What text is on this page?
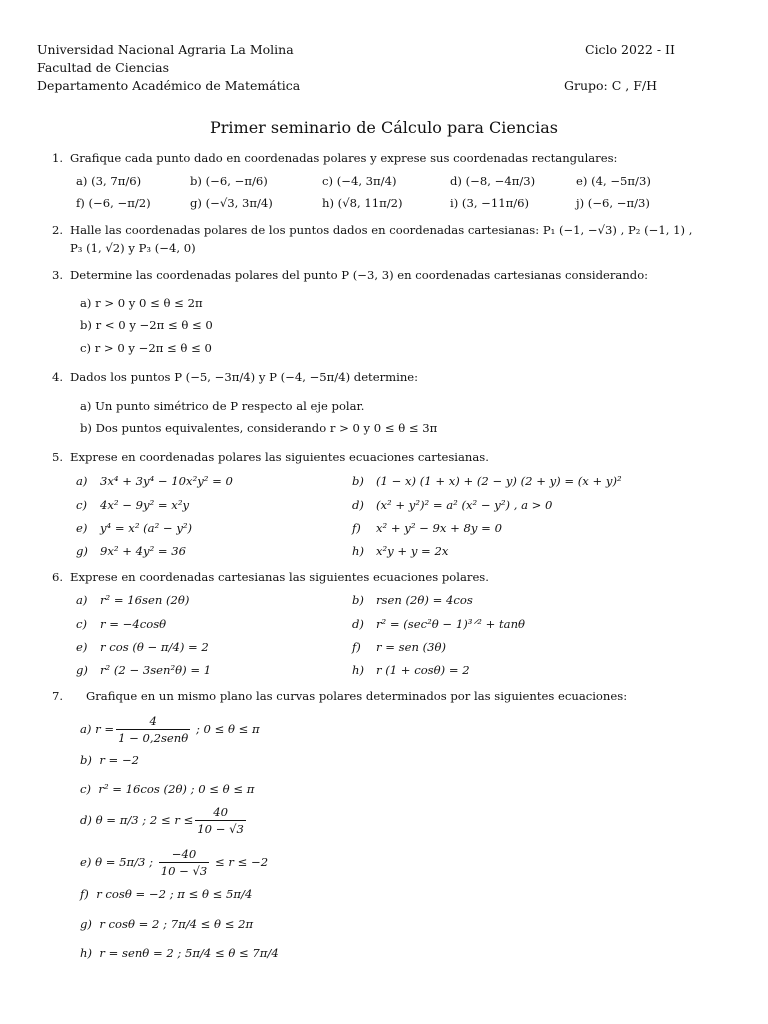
Universidad Nacional Agraria La Molina
Facultad de Ciencias
Departamento Académico de Matemática
Ciclo 2022 - II
Grupo: C , F/H
Primer seminario de Cálculo para Ciencias
1. Grafique cada punto dado en coordenadas polares y exprese sus coordenadas rectangulares:
a) (3, 7π/6)	b) (−6, −π/6)	c) (−4, 3π/4)	d) (−8, −4π/3)	e) (4, −5π/3)
f) (−6, −π/2)	g) (−√3, 3π/4)	h) (√8, 11π/2)	i) (3, −11π/6)	j) (−6, −π/3)
2. Halle las coordenadas polares de los puntos dados en coordenadas cartesianas: P₁ (−1, −√3) , P₂ (−1, 1) ,
P₃ (1, √2) y P₃ (−4, 0)
3. Determine las coordenadas polares del punto P (−3, 3) en coordenadas cartesianas considerando:
a) r > 0 y 0 ≤ θ ≤ 2π
b) r < 0 y −2π ≤ θ ≤ 0
c) r > 0 y −2π ≤ θ ≤ 0
4. Dados los puntos P (−5, −3π/4) y P (−4, −5π/4) determine:
a) Un punto simétrico de P respecto al eje polar.
b) Dos puntos equivalentes, considerando r > 0 y 0 ≤ θ ≤ 3π
5. Exprese en coordenadas polares las siguientes ecuaciones cartesianas.
a) 3x⁴ + 3y⁴ − 10x²y² = 0	b) (1 − x) (1 + x) + (2 − y) (2 + y) = (x + y)²
c) 4x² − 9y² = x²y	d) (x² + y²)² = a² (x² − y²) , a > 0
e) y⁴ = x² (a² − y²)	f) x² + y² − 9x + 8y = 0
g) 9x² + 4y² = 36	h) x²y + y = 2x
6. Exprese en coordenadas cartesianas las siguientes ecuaciones polares.
a) r² = 16sen (2θ)	b) rsen (2θ) = 4cos
c) r = −4cosθ	d) r² = (sec²θ − 1)³ᐟ² + tanθ
e) r cos (θ − π/4) = 2	f) r = sen (3θ)
g) r² (2 − 3sen²θ) = 1	h) r (1 + cosθ) = 2
7. Grafique en un mismo plano las curvas polares determinados por las siguientes ecuaciones:
a)
$r = \frac{4}{\text{1 − 0,2senθ}}$
; 0 ≤ θ ≤ π
b) r = −2
c) r² = 16cos (2θ) ; 0 ≤ θ ≤ π
d)
θ = π/3 ; $2 \le r \le \frac{40}{10 - √3}$
e)
θ = 5π/3 ;
$\frac{-40}{10 - √3}$
≤ r ≤ −2
f) r cosθ = −2 ; π ≤ θ ≤ 5π/4
g) r cosθ = 2 ; 7π/4 ≤ θ ≤ 2π
h) r = senθ = 2 ; 5π/4 ≤ θ ≤ 7π/4
